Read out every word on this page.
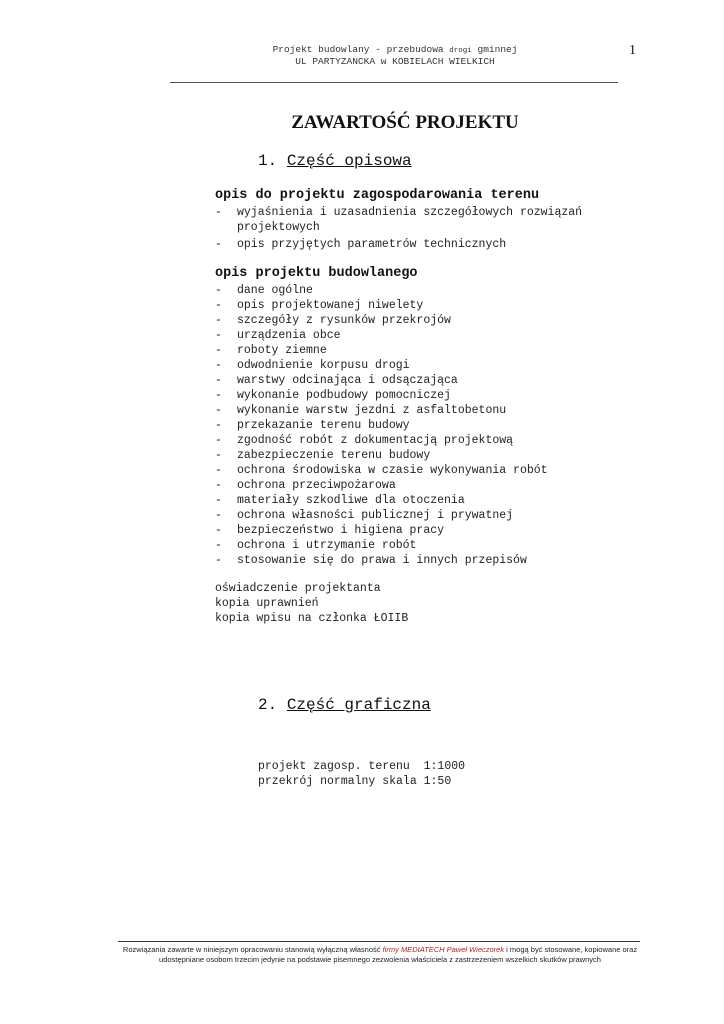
Projekt budowlany - przebudowa drogi gminnej
UL PARTYZANCKA w KOBIELACH WIELKICH
1
ZAWARTOŚĆ PROJEKTU
1. Część opisowa
opis do projektu zagospodarowania terenu
- wyjaśnienia i uzasadnienia szczegółowych rozwiązań
projektowych
- opis przyjętych parametrów technicznych
opis projektu budowlanego
- dane ogólne
- opis projektowanej niwelety
- szczegóły z rysunków przekrojów
- urządzenia obce
- roboty ziemne
- odwodnienie korpusu drogi
- warstwy odcinająca i odsączająca
- wykonanie podbudowy pomocniczej
- wykonanie warstw jezdni z asfaltobetonu
- przekazanie terenu budowy
- zgodność robót z dokumentacją projektową
- zabezpieczenie terenu budowy
- ochrona środowiska w czasie wykonywania robót
- ochrona przeciwpożarowa
- materiały szkodliwe dla otoczenia
- ochrona własności publicznej i prywatnej
- bezpieczeństwo i higiena pracy
- ochrona i utrzymanie robót
- stosowanie się do prawa i innych przepisów
oświadczenie projektanta
kopia uprawnień
kopia wpisu na członka ŁOIIB
2. Część graficzna
projekt zagosp. terenu  1:1000
przekrój normalny skala 1:50
Rozwiązania zawarte w niniejszym opracowaniu stanowią wyłączną własność firmy MEDIATECH Paweł Wieczorek i mogą być stosowane, kopiowane oraz
udostępniane osobom trzecim jedynie na podstawie pisemnego zezwolenia właściciela z zastrzeżeniem wszelkich skutków prawnych
